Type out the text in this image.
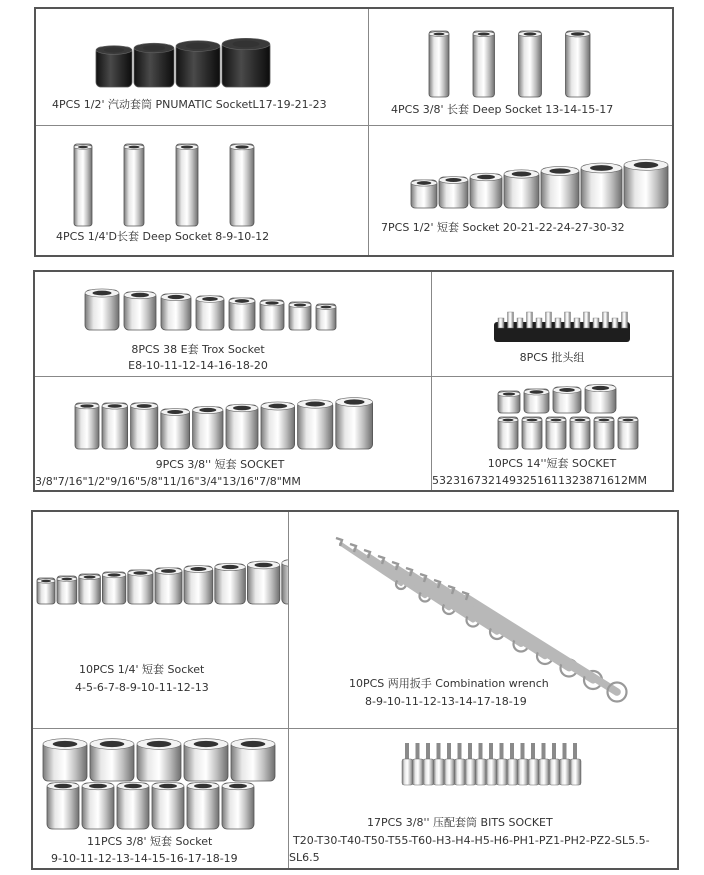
4PCS 1/2' 汽动套筒 PNUMATIC SocketL17-19-21-23	4PCS 3/8' 长套 Deep Socket 13-14-15-17
4PCS 1/4'D长套 Deep Socket 8-9-10-12
7PCS 1/2' 短套 Socket 20-21-22-24-27-30-32
8PCS 38 E套 Trox Socket
E8-10-11-12-14-16-18-20
8PCS 批头组
9PCS 3/8'' 短套 SOCKET
3/8"7/16"1/2"9/16"5/8"11/16"3/4"13/16"7/8"MM
10PCS 14''短套 SOCKET
5323167321493251611323871612MM
10PCS 1/4' 短套 Socket
4-5-6-7-8-9-10-11-12-13	10PCS 两用扳手 Combination wrench
8-9-10-11-12-13-14-17-18-19
11PCS 3/8' 短套 Socket
9-10-11-12-13-14-15-16-17-18-19
17PCS 3/8'' 压配套筒 BITS SOCKET
T20-T30-T40-T50-T55-T60-H3-H4-H5-H6-PH1-PZ1-PH2-PZ2-SL5.5-
SL6.5
